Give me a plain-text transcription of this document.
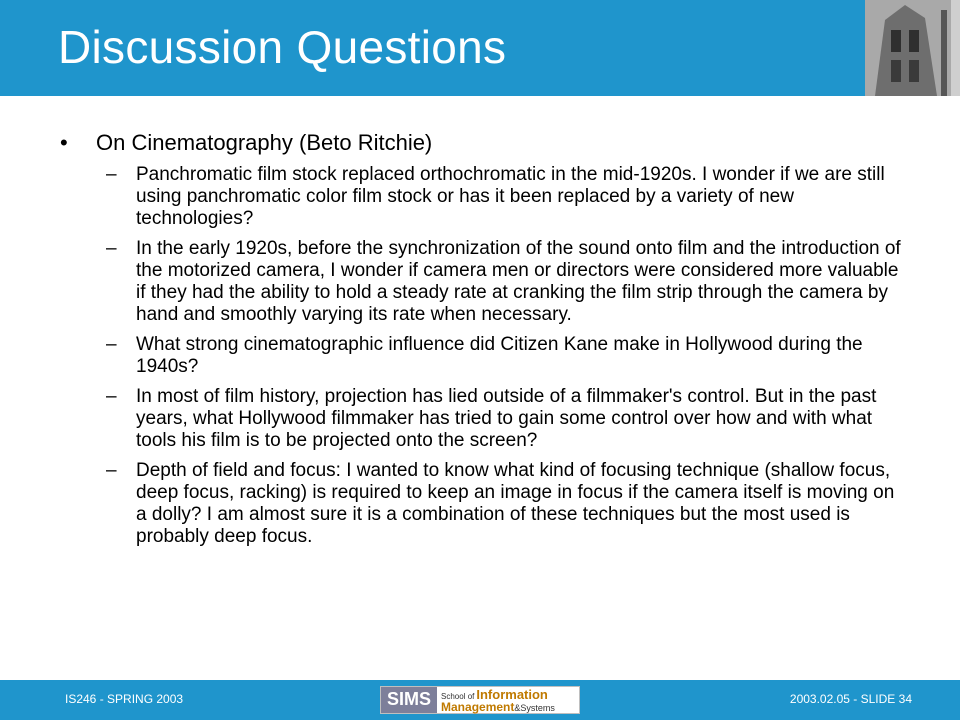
Discussion Questions
•	On Cinematography (Beto Ritchie)
–	Panchromatic film stock replaced orthochromatic in the mid-1920s. I wonder if we are still using panchromatic color film stock or has it been replaced by a variety of new technologies?
–	In the early 1920s, before the synchronization of the sound onto film and the introduction of the motorized camera, I wonder if camera men or directors were considered more valuable if they had the ability to hold a steady rate at cranking the film strip through the camera by hand and smoothly varying its rate when necessary.
–	What strong cinematographic influence did Citizen Kane make in Hollywood during the 1940s?
–	In most of film history, projection has lied outside of a filmmaker's control. But in the past years, what Hollywood filmmaker has tried to gain some control over how and with what tools his film is to be projected onto the screen?
–	Depth of field and focus: I wanted to know what kind of focusing technique (shallow focus, deep focus, racking) is required to keep an image in focus if the camera itself is moving on a dolly? I am almost sure it is a combination of these techniques but the most used is probably deep focus.
IS246 - SPRING 2003	SIMS	School of Information
Management&Systems
2003.02.05 - SLIDE 34
